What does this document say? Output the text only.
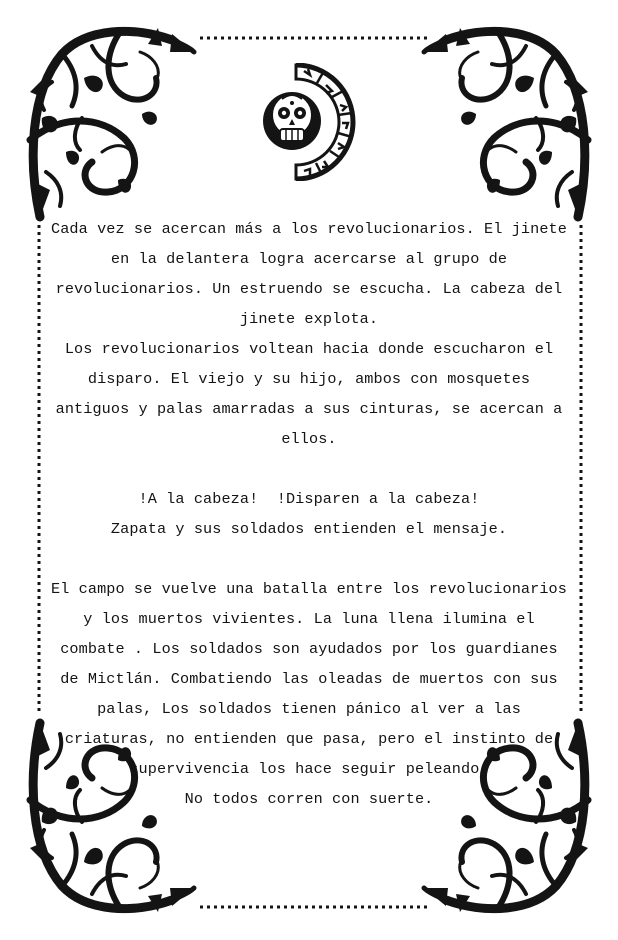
Cada vez se acercan más a los revolucionarios. El jinete en la delantera logra acercarse al grupo de revolucionarios. Un estruendo se escucha. La cabeza del jinete explota.

Los revolucionarios voltean hacia donde escucharon el disparo. El viejo y su hijo, ambos con mosquetes antiguos y palas amarradas a sus cinturas, se acercan a ellos.

!A la cabeza!  !Disparen a la cabeza!

Zapata y sus soldados entienden el mensaje.

El campo se vuelve una batalla entre los revolucionarios y los muertos vivientes. La luna llena ilumina el combate . Los soldados son ayudados por los guardianes de Mictlán. Combatiendo las oleadas de muertos con sus palas, Los soldados tienen pánico al ver a las criaturas, no entienden que pasa, pero el instinto de supervivencia los hace seguir peleando.

No todos corren con suerte.
